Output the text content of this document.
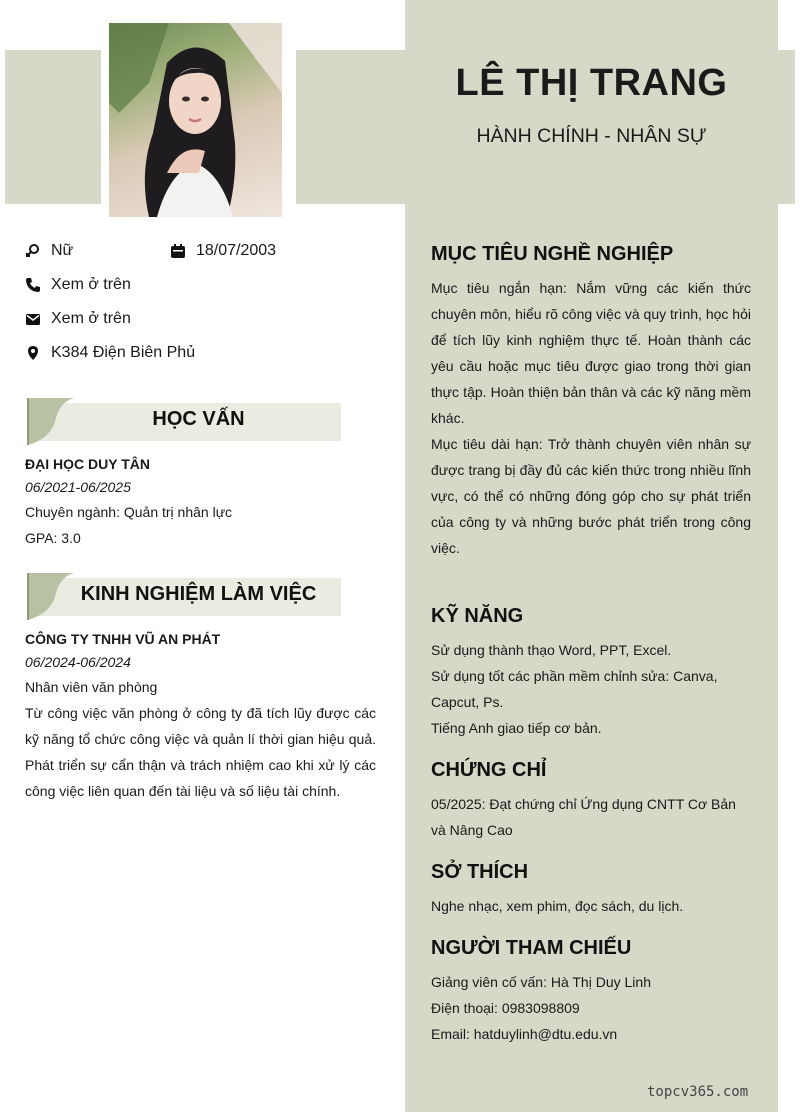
LÊ THỊ TRANG
HÀNH CHÍNH - NHÂN SỰ
Nữ	18/07/2003
Xem ở trên
Xem ở trên
K384 Điện Biên Phủ
HỌC VẤN
ĐẠI HỌC DUY TÂN
06/2021-06/2025
Chuyên ngành: Quản trị nhân lực
GPA: 3.0
KINH NGHIỆM LÀM VIỆC
CÔNG TY TNHH VŨ AN PHÁT
06/2024-06/2024
Nhân viên văn phòng
Từ công việc văn phòng ở công ty đã tích lũy được các kỹ năng tổ chức công việc và quản lí thời gian hiệu quả. Phát triển sự cẩn thận và trách nhiệm cao khi xử lý các công việc liên quan đến tài liệu và số liệu tài chính.
MỤC TIÊU NGHỀ NGHIỆP
Mục tiêu ngắn hạn: Nắm vững các kiến thức chuyên môn, hiểu rõ công việc và quy trình, học hỏi để tích lũy kinh nghiệm thực tế. Hoàn thành các yêu cầu hoặc mục tiêu được giao trong thời gian thực tập. Hoàn thiện bản thân và các kỹ năng mềm khác.
Mục tiêu dài hạn: Trở thành chuyên viên nhân sự được trang bị đầy đủ các kiến thức trong nhiều lĩnh vực, có thể có những đóng góp cho sự phát triển của công ty và những bước phát triển trong công việc.
KỸ NĂNG
Sử dụng thành thạo Word, PPT, Excel.
Sử dụng tốt các phần mềm chỉnh sửa: Canva, Capcut, Ps.
Tiếng Anh giao tiếp cơ bản.
CHỨNG CHỈ
05/2025: Đạt chứng chỉ Ứng dụng CNTT Cơ Bản và Nâng Cao
SỞ THÍCH
Nghe nhạc, xem phim, đọc sách, du lịch.
NGƯỜI THAM CHIẾU
Giảng viên cố vấn: Hà Thị Duy Linh
Điện thoại: 0983098809
Email: hatduylinh@dtu.edu.vn
topcv365.com
